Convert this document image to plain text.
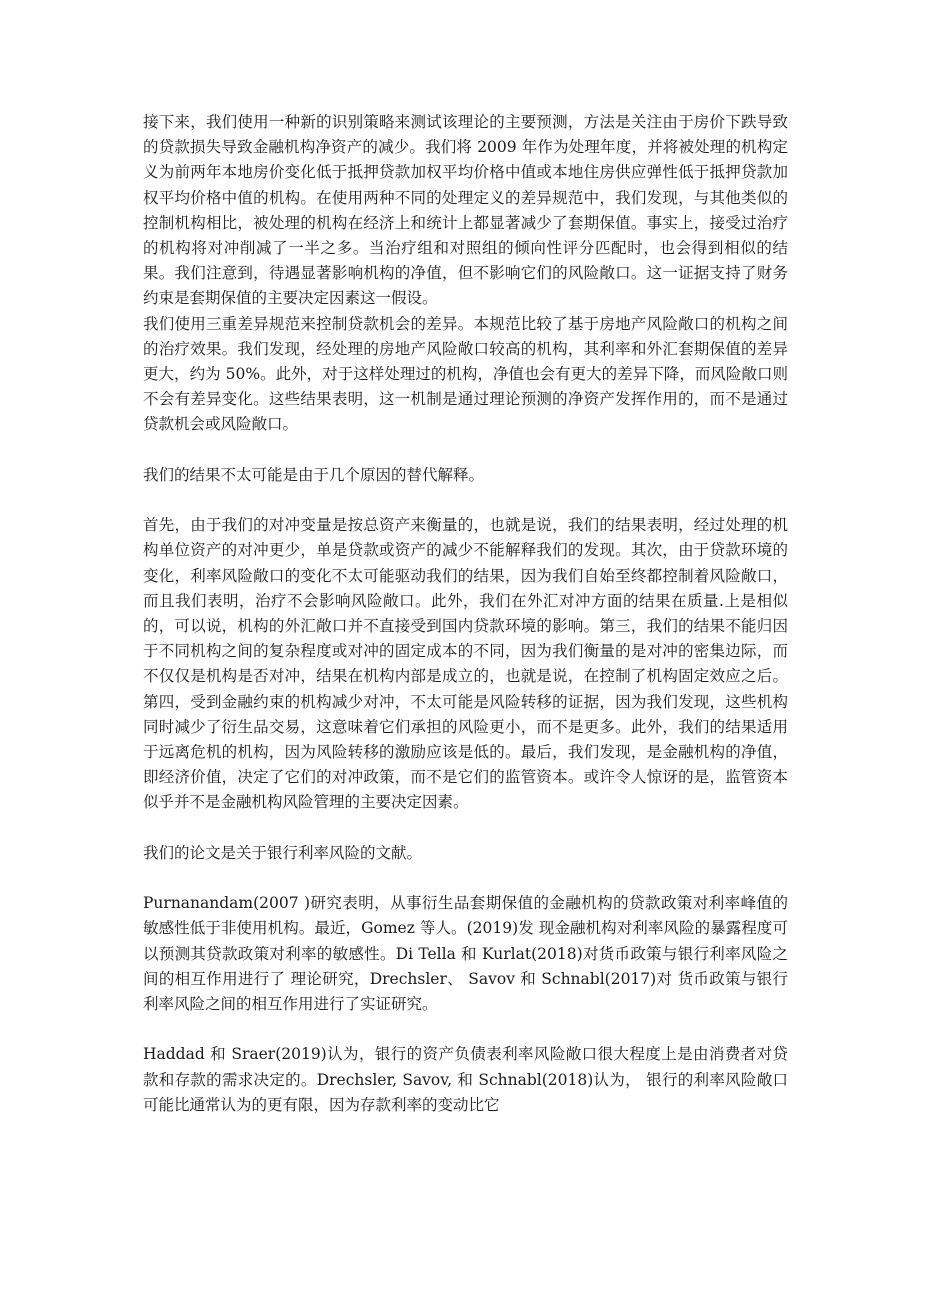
接下来，我们使用一种新的识别策略来测试该理论的主要预测，方法是关注由于房价下跌导致的贷款损失导致金融机构净资产的减少。我们将 2009 年作为处理年度，并将被处理的机构定义为前两年本地房价变化低于抵押贷款加权平均价格中值或本地住房供应弹性低于抵押贷款加权平均价格中值的机构。在使用两种不同的处理定义的差异规范中，我们发现，与其他类似的控制机构相比，被处理的机构在经济上和统计上都显著减少了套期保值。事实上，接受过治疗的机构将对冲削减了一半之多。当治疗组和对照组的倾向性评分匹配时，也会得到相似的结果。我们注意到，待遇显著影响机构的净值，但不影响它们的风险敞口。这一证据支持了财务约束是套期保值的主要决定因素这一假设。

我们使用三重差异规范来控制贷款机会的差异。本规范比较了基于房地产风险敞口的机构之间的治疗效果。我们发现，经处理的房地产风险敞口较高的机构，其利率和外汇套期保值的差异更大，约为 50%。此外，对于这样处理过的机构，净值也会有更大的差异下降，而风险敞口则不会有差异变化。这些结果表明，这一机制是通过理论预测的净资产发挥作用的，而不是通过贷款机会或风险敞口。

我们的结果不太可能是由于几个原因的替代解释。

首先，由于我们的对冲变量是按总资产来衡量的，也就是说，我们的结果表明，经过处理的机构单位资产的对冲更少，单是贷款或资产的减少不能解释我们的发现。其次，由于贷款环境的变化，利率风险敞口的变化不太可能驱动我们的结果，因为我们自始至终都控制着风险敞口，而且我们表明，治疗不会影响风险敞口。此外，我们在外汇对冲方面的结果在质量.上是相似的，可以说，机构的外汇敞口并不直接受到国内贷款环境的影响。第三，我们的结果不能归因于不同机构之间的复杂程度或对冲的固定成本的不同，因为我们衡量的是对冲的密集边际，而不仅仅是机构是否对冲，结果在机构内部是成立的，也就是说，在控制了机构固定效应之后。第四，受到金融约束的机构减少对冲，不太可能是风险转移的证据，因为我们发现，这些机构同时减少了衍生品交易，这意味着它们承担的风险更小，而不是更多。此外，我们的结果适用于远离危机的机构，因为风险转移的激励应该是低的。最后，我们发现，是金融机构的净值，即经济价值，决定了它们的对冲政策，而不是它们的监管资本。或许令人惊讶的是，监管资本似乎并不是金融机构风险管理的主要决定因素。

我们的论文是关于银行利率风险的文献。

Purnanandam(2007 )研究表明，从事衍生品套期保值的金融机构的贷款政策对利率峰值的敏感性低于非使用机构。最近，Gomez 等人。(2019)发 现金融机构对利率风险的暴露程度可以预测其贷款政策对利率的敏感性。Di Tella 和 Kurlat(2018)对货币政策与银行利率风险之间的相互作用进行了 理论研究，Drechsler、 Savov 和 Schnabl(2017)对 货币政策与银行利率风险之间的相互作用进行了实证研究。

Haddad 和 Sraer(2019)认为，银行的资产负债表利率风险敞口很大程度上是由消费者对贷款和存款的需求决定的。Drechsler, Savov, 和 Schnabl(2018)认为， 银行的利率风险敞口可能比通常认为的更有限，因为存款利率的变动比它
